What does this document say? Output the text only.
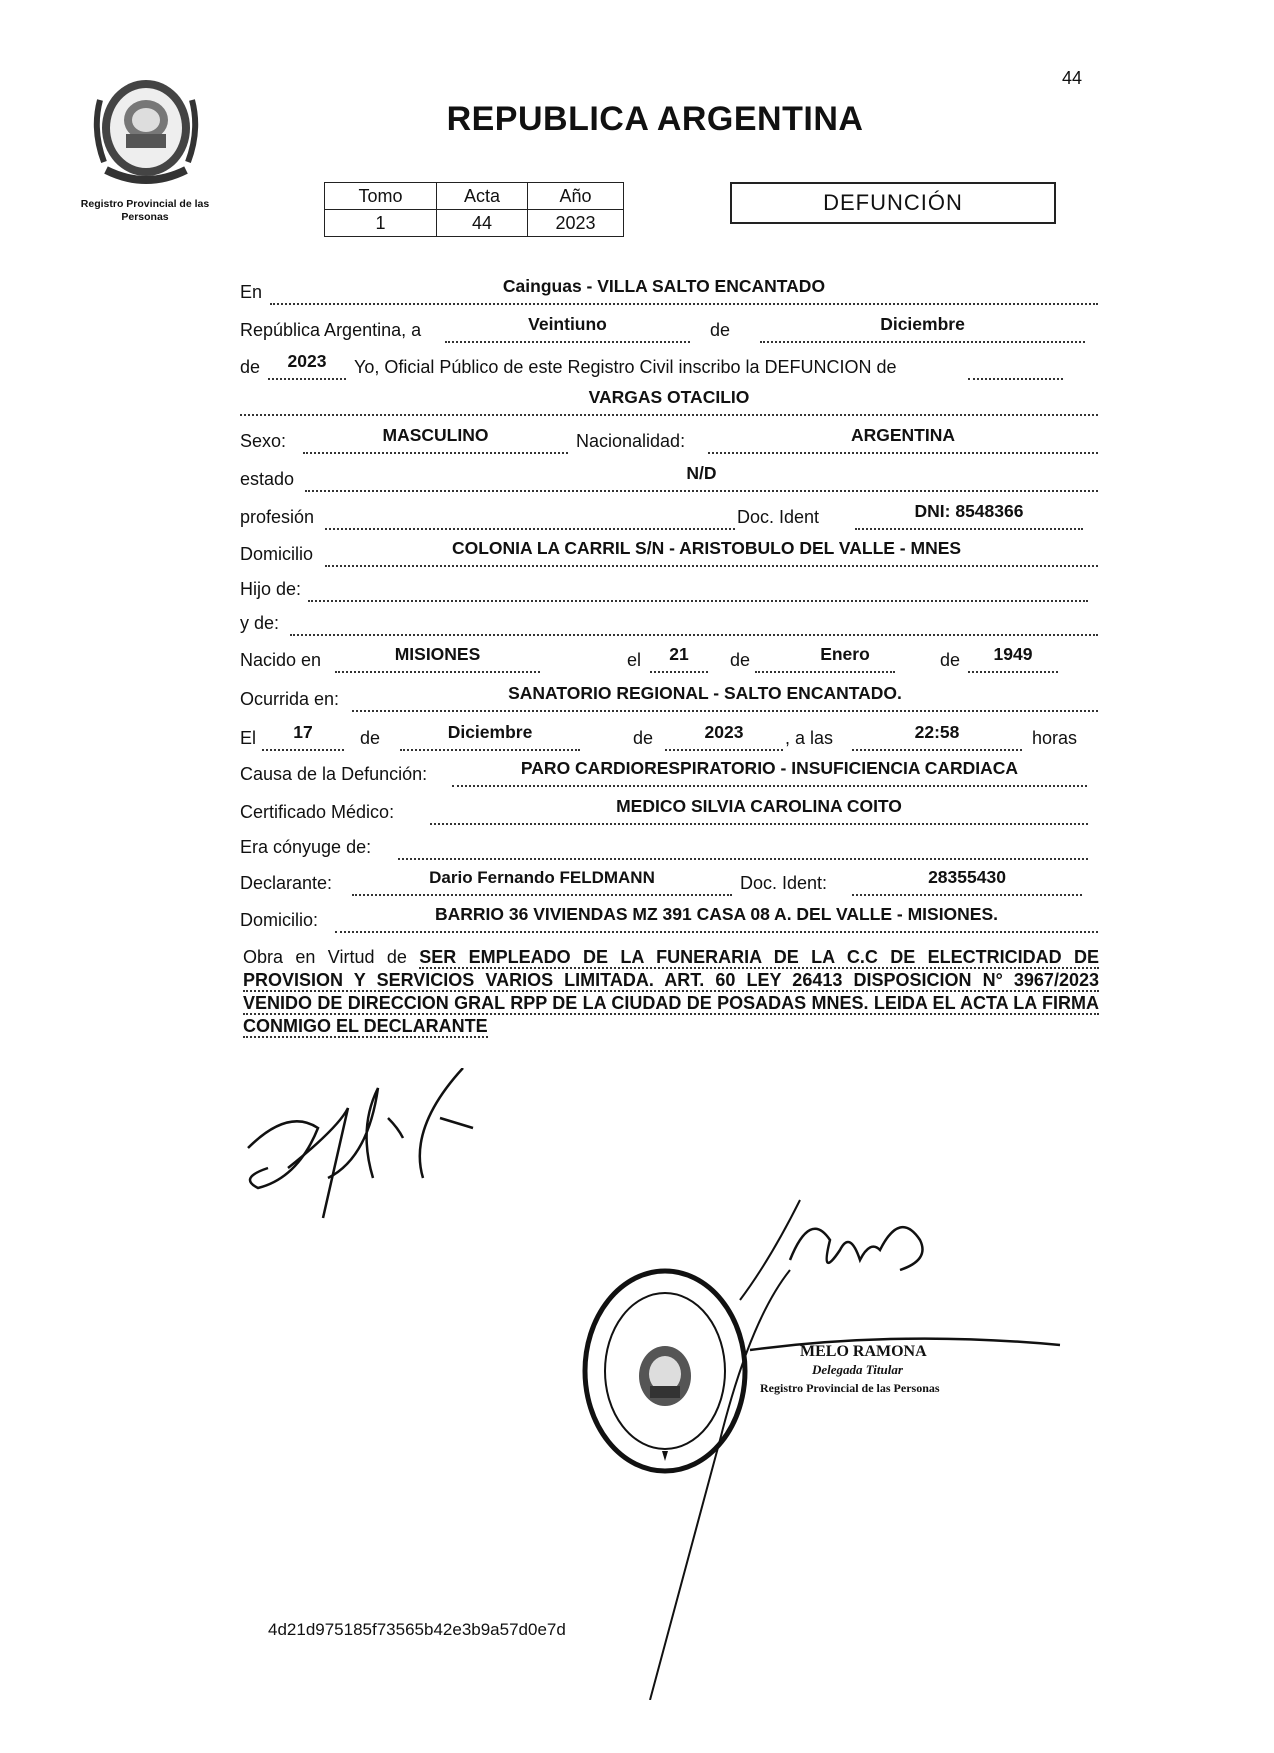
44
Registro Provincial de las Personas
REPUBLICA ARGENTINA
Tomo	Acta	Año
1	44	2023
DEFUNCIÓN
En	Cainguas - VILLA SALTO ENCANTADO
República Argentina, a	Veintiuno	de	Diciembre
de	2023	Yo, Oficial Público de este Registro Civil inscribo la DEFUNCION de
VARGAS OTACILIO
Sexo:	MASCULINO	Nacionalidad:	ARGENTINA
estado	N/D
profesión	Doc. Ident	DNI: 8548366
Domicilio	COLONIA LA CARRIL S/N - ARISTOBULO DEL VALLE - MNES
Hijo de:
y de:
Nacido en	MISIONES	el	21	de	Enero	de	1949
Ocurrida en:	SANATORIO REGIONAL - SALTO ENCANTADO.
El	17	de	Diciembre	de	2023	, a las	22:58	horas
Causa de la Defunción:	PARO CARDIORESPIRATORIO - INSUFICIENCIA CARDIACA
Certificado Médico:	MEDICO SILVIA CAROLINA COITO
Era cónyuge de:
Declarante:	Dario Fernando FELDMANN	Doc. Ident:	28355430
Domicilio:	BARRIO 36 VIVIENDAS MZ 391 CASA 08 A. DEL VALLE - MISIONES.
Obra en Virtud de SER EMPLEADO DE LA FUNERARIA DE LA C.C DE ELECTRICIDAD DE PROVISION Y SERVICIOS VARIOS LIMITADA. ART. 60 LEY 26413 DISPOSICION N° 3967/2023 VENIDO DE DIRECCION GRAL RPP DE LA CIUDAD DE POSADAS MNES. LEIDA EL ACTA LA FIRMA CONMIGO EL DECLARANTE
MELO RAMONA
Delegada Titular
Registro Provincial de las Personas
4d21d975185f73565b42e3b9a57d0e7d
